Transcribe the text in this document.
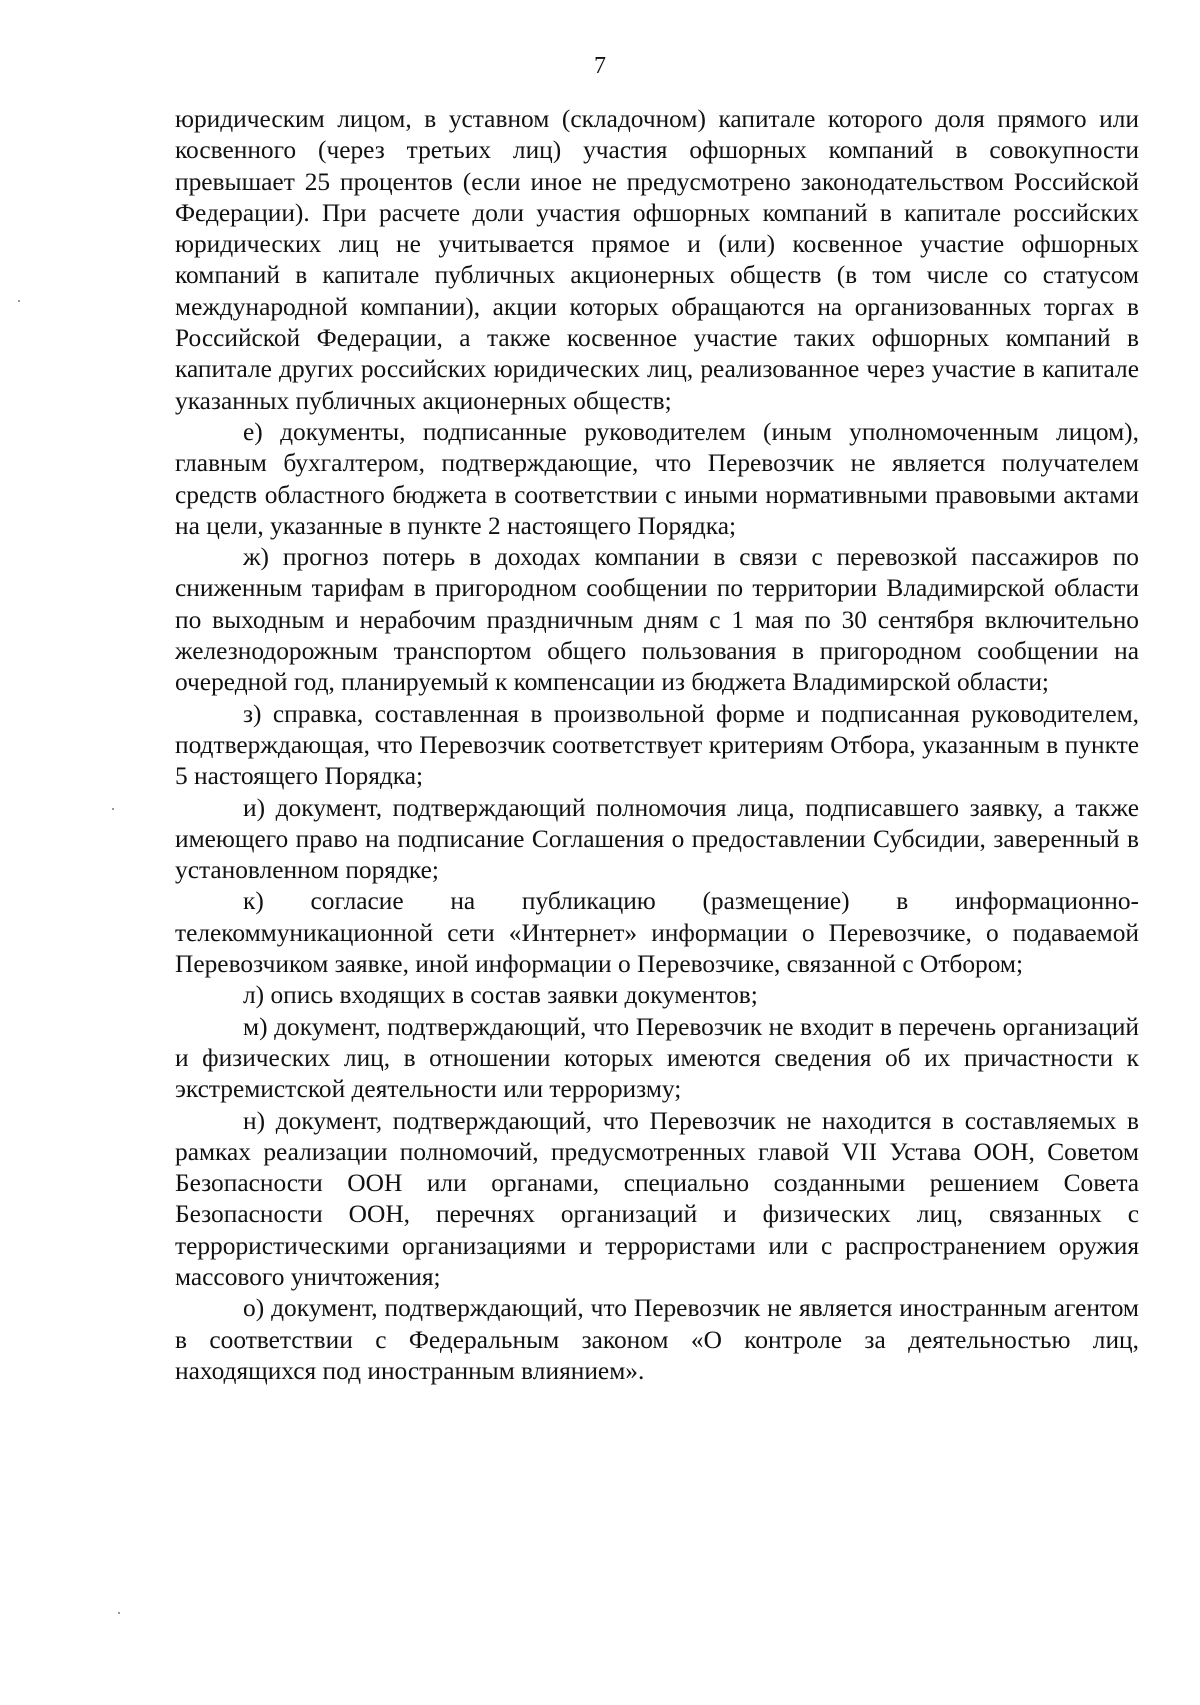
7

юридическим лицом, в уставном (складочном) капитале которого доля прямого или косвенного (через третьих лиц) участия офшорных компаний в совокупности превышает 25 процентов (если иное не предусмотрено законодательством Российской Федерации). При расчете доли участия офшорных компаний в капитале российских юридических лиц не учитывается прямое и (или) косвенное участие офшорных компаний в капитале публичных акционерных обществ (в том числе со статусом международной компании), акции которых обращаются на организованных торгах в Российской Федерации, а также косвенное участие таких офшорных компаний в капитале других российских юридических лиц, реализованное через участие в капитале указанных публичных акционерных обществ;

е) документы, подписанные руководителем (иным уполномоченным лицом), главным бухгалтером, подтверждающие, что Перевозчик не является получателем средств областного бюджета в соответствии с иными нормативными правовыми актами на цели, указанные в пункте 2 настоящего Порядка;

ж) прогноз потерь в доходах компании в связи с перевозкой пассажиров по сниженным тарифам в пригородном сообщении по территории Владимирской области по выходным и нерабочим праздничным дням с 1 мая по 30 сентября включительно железнодорожным транспортом общего пользования в пригородном сообщении на очередной год, планируемый к компенсации из бюджета Владимирской области;

з) справка, составленная в произвольной форме и подписанная руководителем, подтверждающая, что Перевозчик соответствует критериям Отбора, указанным в пункте 5 настоящего Порядка;

и) документ, подтверждающий полномочия лица, подписавшего заявку, а также имеющего право на подписание Соглашения о предоставлении Субсидии, заверенный в установленном порядке;

к) согласие на публикацию (размещение) в информационно-телекоммуникационной сети «Интернет» информации о Перевозчике, о подаваемой Перевозчиком заявке, иной информации о Перевозчике, связанной с Отбором;

л) опись входящих в состав заявки документов;

м) документ, подтверждающий, что Перевозчик не входит в перечень организаций и физических лиц, в отношении которых имеются сведения об их причастности к экстремистской деятельности или терроризму;

н) документ, подтверждающий, что Перевозчик не находится в составляемых в рамках реализации полномочий, предусмотренных главой VII Устава ООН, Советом Безопасности ООН или органами, специально созданными решением Совета Безопасности ООН, перечнях организаций и физических лиц, связанных с террористическими организациями и террористами или с распространением оружия массового уничтожения;

о) документ, подтверждающий, что Перевозчик не является иностранным агентом в соответствии с Федеральным законом «О контроле за деятельностью лиц, находящихся под иностранным влиянием».
